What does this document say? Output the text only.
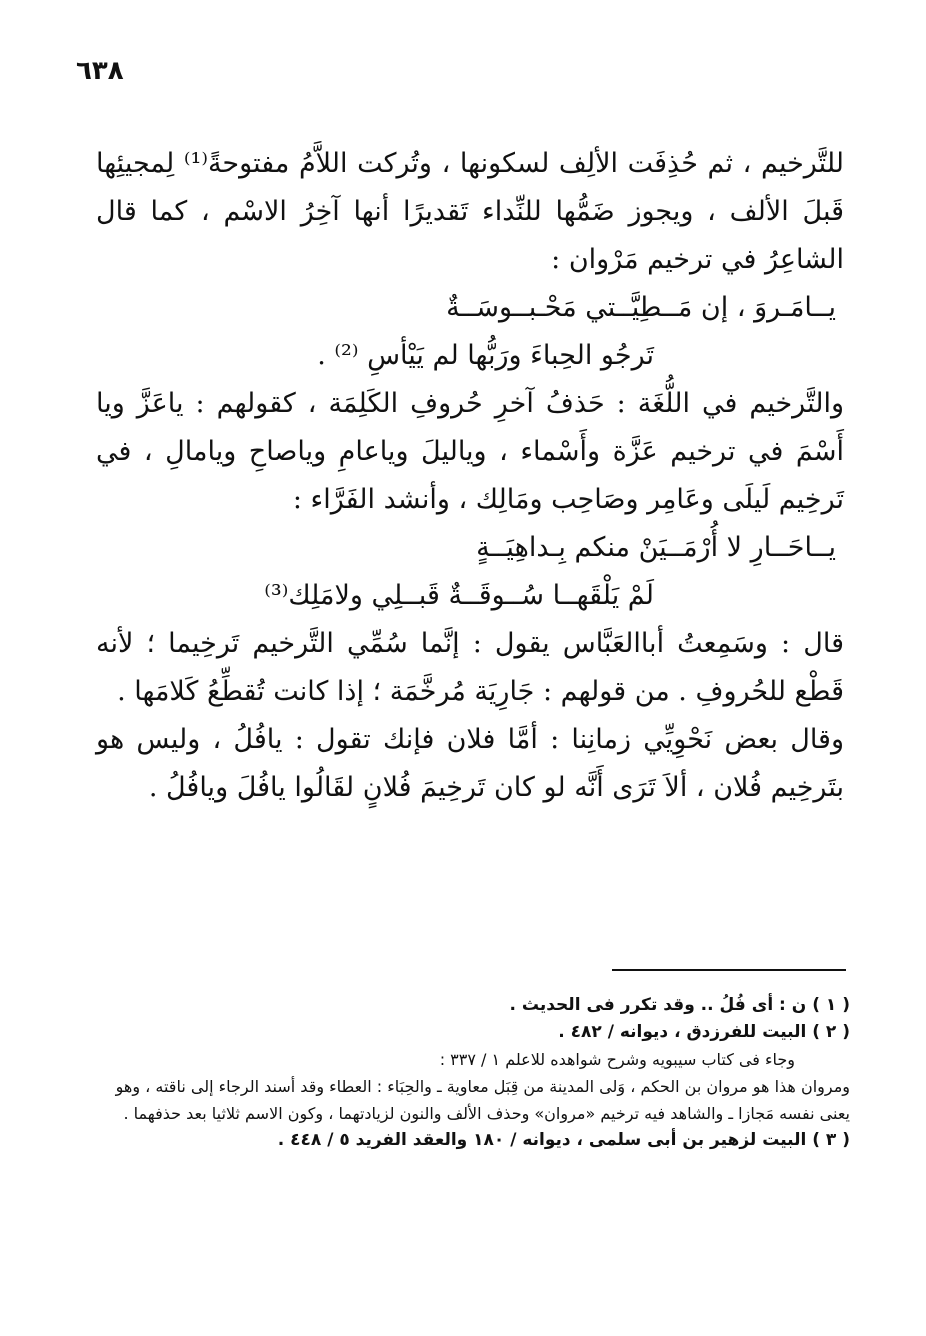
٦٣٨

للتَّرخيم ، ثم حُذِفَت الألِف لسكونها ، وتُركت اللاَّمُ مفتوحةً⁽¹⁾ لِمجيئِها قَبلَ الألف ، ويجوز ضَمُّها للنِّداء تَقديرًا أنها آخِرُ الاسْم ، كما قال الشاعِرُ في ترخيم مَرْوان :

يــامَـروَ ، إن مَــطِيَّــتي مَحْـبــوسَــةٌ

تَرجُو الحِباءَ ورَبُّها لم يَيْأسِ ⁽²⁾ .

والتَّرخيم في اللُّغَة : حَذفُ آخرِ حُروفِ الكَلِمَة ، كقولهم : ياعَزَّ ويا أَسْمَ في ترخيم عَزَّة وأَسْماء ، وياليلَ وياعامِ وياصاحِ ويامالِ ، في تَرخِيم لَيلَى وعَامِر وصَاحِب ومَالِك ، وأنشد الفَرَّاء :

يــاحَــارِ لا أُرْمَــيَنْ منكم بِـداهِيَــةٍ

لَمْ يَلْقَهــا سُــوقَــةٌ قَبــلِي ولامَلِك⁽³⁾

قال : وسَمِعتُ أباالعَبَّاس يقول : إنَّما سُمِّي التَّرخيم تَرخِيما ؛ لأنه قَطْع للحُروفِ . من قولهم : جَارِيَة مُرخَّمَة ؛ إذا كانت تُقطِّعُ كَلامَها .

وقال بعض نَحْوِيِّي زمانِنا : أمَّا فلان فإنك تقول : يافُلُ ، وليس هو بتَرخِيم فُلان ، ألاَ تَرَى أَنَّه لو كان تَرخِيمَ فُلانٍ لقَالُوا يافُلَ ويافُلُ .

( ١ ) ن : أى فُلُ .. وقد تكرر فى الحديث .

( ٢ ) البيت للفرزدق ، ديوانه / ٤٨٢ .

وجاء فى كتاب سيبويه وشرح شواهده للاعلم ١ / ٣٣٧ :

ومروان هذا هو مروان بن الحكم ، وَلى المدينة من قِبَل معاوية ـ والحِبَاء : العطاء وقد أسند الرجاء إلى ناقته ، وهو يعنى نفسه مَجازا ـ والشاهد فيه ترخيم «مروان» وحذف الألف والنون لزيادتهما ، وكون الاسم ثلاثيا بعد حذفهما .

( ٣ ) البيت لزهير بن أبى سلمى ، ديوانه / ١٨٠ والعقد الفريد ٥ / ٤٤٨ .
